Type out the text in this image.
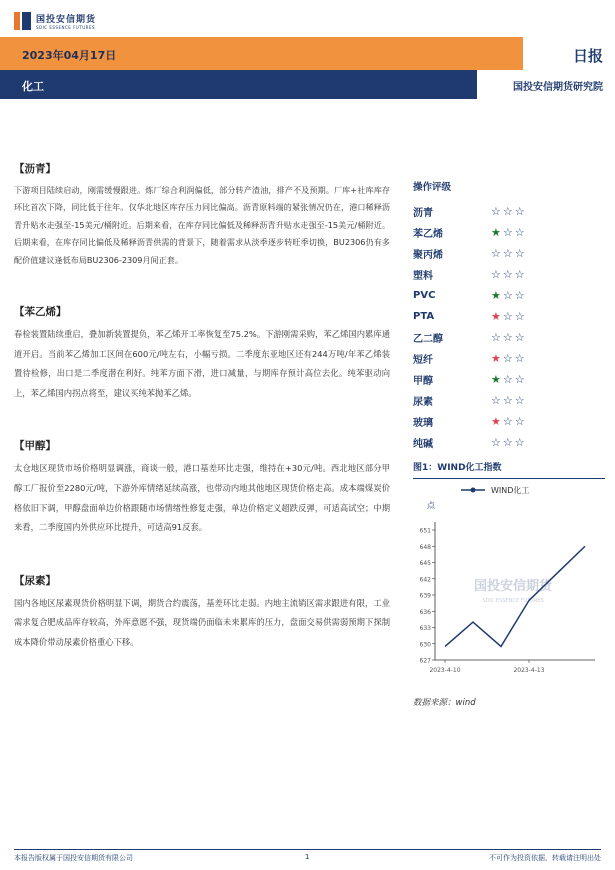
国投安信期货
SDIC ESSENCE FUTURES
2023年04月17日	日报
化工	国投安信期货研究院
【沥青】
下游项目陆续启动，刚需缓慢跟进。炼厂综合利润偏低，部分转产渣油，排产不及预期。厂库+社库库存环比首次下降，同比低于往年。仅华北地区库存压力同比偏高。沥青原料端的紧张情况仍在，港口稀释沥青升贴水走强至-15美元/桶附近。后期来看，在库存同比偏低及稀释沥青升贴水走强至-15美元/桶附近。后期来看，在库存同比偏低及稀释沥青供需的背景下，随着需求从淡季逐步转旺季切换，BU2306仍有多配价值建议逢低布局BU2306-2309月间正套。
【苯乙烯】
春检装置陆续重启，叠加新装置提负，苯乙烯开工率恢复至75.2%。下游刚需采购，苯乙烯国内累库通道开启。当前苯乙烯加工区间在600元/吨左右，小幅亏损。二季度东亚地区还有244万吨/年苯乙烯装置待检修，出口是二季度潜在利好。纯苯方面下滑，进口减量，与期库存预计高位去化。纯苯驱动向上，苯乙烯国内拐点将至，建议买纯苯抛苯乙烯。
【甲醇】
太仓地区现货市场价格明显调涨，商谈一般，港口基差环比走强，维持在+30元/吨。西北地区部分甲醇工厂报价至2280元/吨，下游外库情绪延续高涨，也带动内地其他地区现货价格走高。成本端煤炭价格依旧下调，甲醇盘面单边价格跟随市场情绪性修复走强，单边价格定义超跌反弹，可适高试空；中期来看，二季度国内外供应环比提升，可适高91反套。
【尿素】
国内各地区尿素现货价格明显下调，期货合约震荡，基差环比走弱。内地主流销区需求跟进有限，工业需求复合肥成品库存较高，外库意愿不强，现货端仍面临未来累库的压力，盘面交易供需弱预期下探制成本降价带动尿素价格重心下移。
操作评级
沥青	☆ ☆ ☆
苯乙烯	★ ☆ ☆
聚丙烯	☆ ☆ ☆
塑料	☆ ☆ ☆
PVC	★ ☆ ☆
PTA	★ ☆ ☆
乙二醇	☆ ☆ ☆
短纤	★ ☆ ☆
甲醇	★ ☆ ☆
尿素	☆ ☆ ☆
玻璃	★ ☆ ☆
纯碱	☆ ☆ ☆
图1：WIND化工指数
国投安信期货
SDIC ESSENCE FUTURES
WIND化工
点
627
630
633
636
639
642
645
648
651
2023-4-10	2023-4-13
数据来源：wind
本报告版权属于国投安信期货有限公司	1	不可作为投资依据，转载请注明出处
